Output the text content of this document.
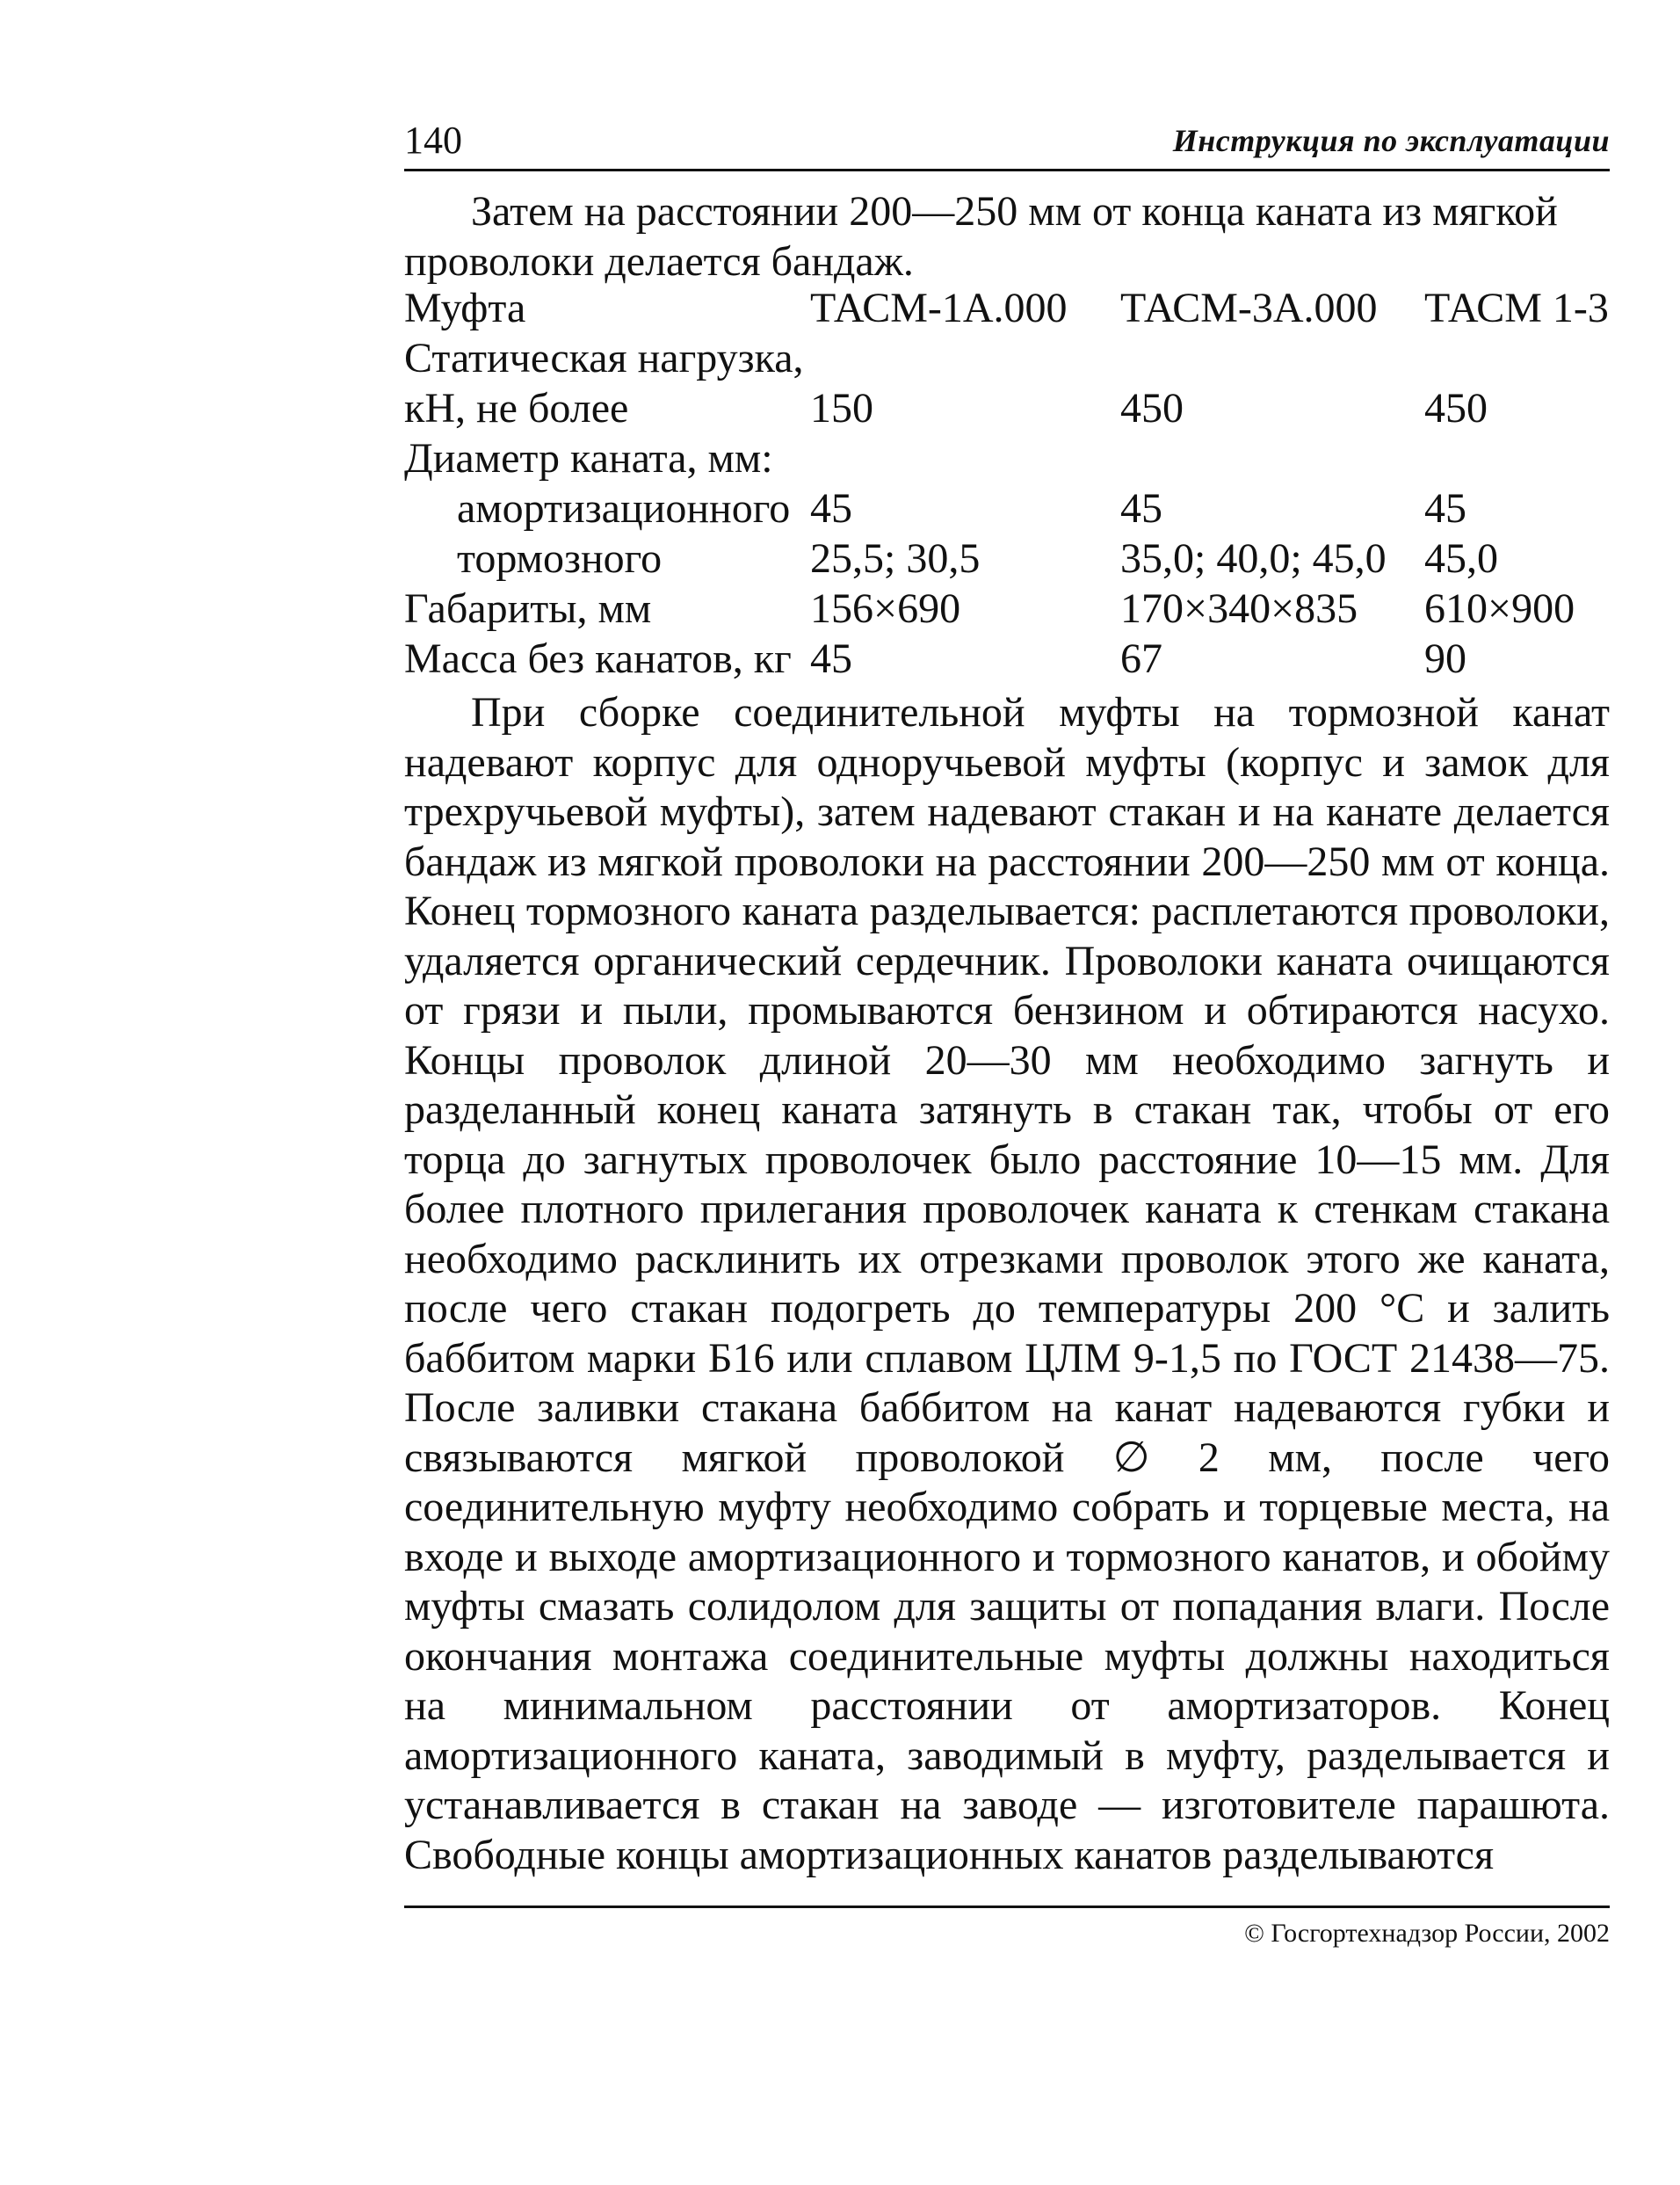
140	Инструкция по эксплуатации

Затем на расстоянии 200—250 мм от конца каната из мягкой проволоки делается бандаж.

Муфта	ТАСМ-1А.000	ТАСМ-3А.000	ТАСМ 1-3
Статическая нагрузка,			
кН, не более	150	450	450
Диаметр каната, мм:			
амортизационного	45	45	45
тормозного	25,5; 30,5	35,0; 40,0; 45,0	45,0
Габариты, мм	156×690	170×340×835	610×900
Масса без канатов, кг	45	67	90

При сборке соединительной муфты на тормозной канат надевают корпус для одноручьевой муфты (корпус и замок для трехручьевой муфты), затем надевают стакан и на канате делается бандаж из мягкой проволоки на расстоянии 200—250 мм от конца. Конец тормозного каната разделывается: расплетаются проволоки, удаляется органический сердечник. Проволоки каната очищаются от грязи и пыли, промываются бензином и обтираются насухо. Концы проволок длиной 20—30 мм необходимо загнуть и разделанный конец каната затянуть в стакан так, чтобы от его торца до загнутых проволочек было расстояние 10—15 мм. Для более плотного прилегания проволочек каната к стенкам стакана необходимо расклинить их отрезками проволок этого же каната, после чего стакан подогреть до температуры 200 °С и залить баббитом марки Б16 или сплавом ЦЛМ 9-1,5 по ГОСТ 21438—75. После заливки стакана баббитом на канат надеваются губки и связываются мягкой проволокой ∅ 2 мм, после чего соединительную муфту необходимо собрать и торцевые места, на входе и выходе амортизационного и тормозного канатов, и обойму муфты смазать солидолом для защиты от попадания влаги. После окончания монтажа соединительные муфты должны находиться на минимальном расстоянии от амортизаторов. Конец амортизационного каната, заводимый в муфту, разделывается и устанавливается в стакан на заводе — изготовителе парашюта. Свободные концы амортизационных канатов разделываются

© Госгортехнадзор России, 2002
